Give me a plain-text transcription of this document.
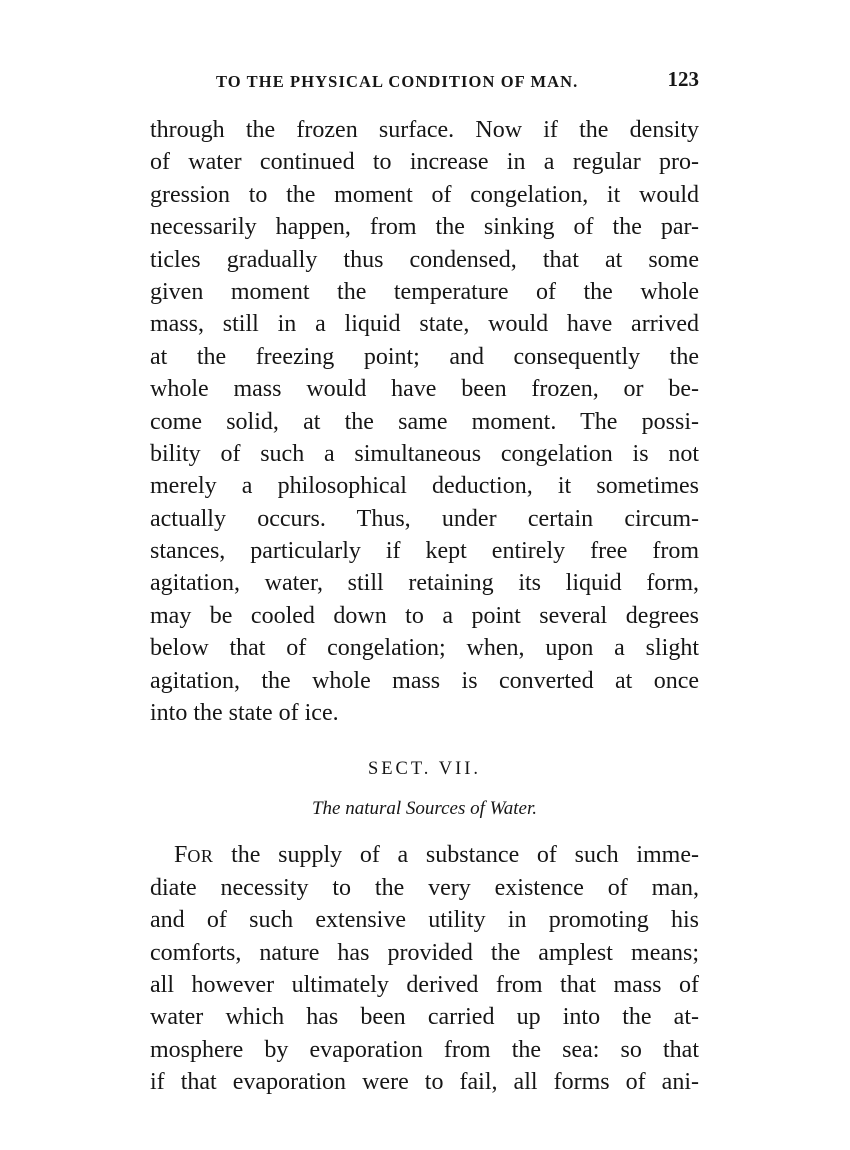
TO THE PHYSICAL CONDITION OF MAN.	123
through the frozen surface. Now if the density
of water continued to increase in a regular pro-
gression to the moment of congelation, it would
necessarily happen, from the sinking of the par-
ticles gradually thus condensed, that at some
given moment the temperature of the whole
mass, still in a liquid state, would have arrived
at the freezing point; and consequently the
whole mass would have been frozen, or be-
come solid, at the same moment. The possi-
bility of such a simultaneous congelation is not
merely a philosophical deduction, it sometimes
actually occurs. Thus, under certain circum-
stances, particularly if kept entirely free from
agitation, water, still retaining its liquid form,
may be cooled down to a point several degrees
below that of congelation; when, upon a slight
agitation, the whole mass is converted at once
into the state of ice.
SECT. VII.
The natural Sources of Water.
FOR the supply of a substance of such imme-
diate necessity to the very existence of man,
and of such extensive utility in promoting his
comforts, nature has provided the amplest means;
all however ultimately derived from that mass of
water which has been carried up into the at-
mosphere by evaporation from the sea: so that
if that evaporation were to fail, all forms of ani-
